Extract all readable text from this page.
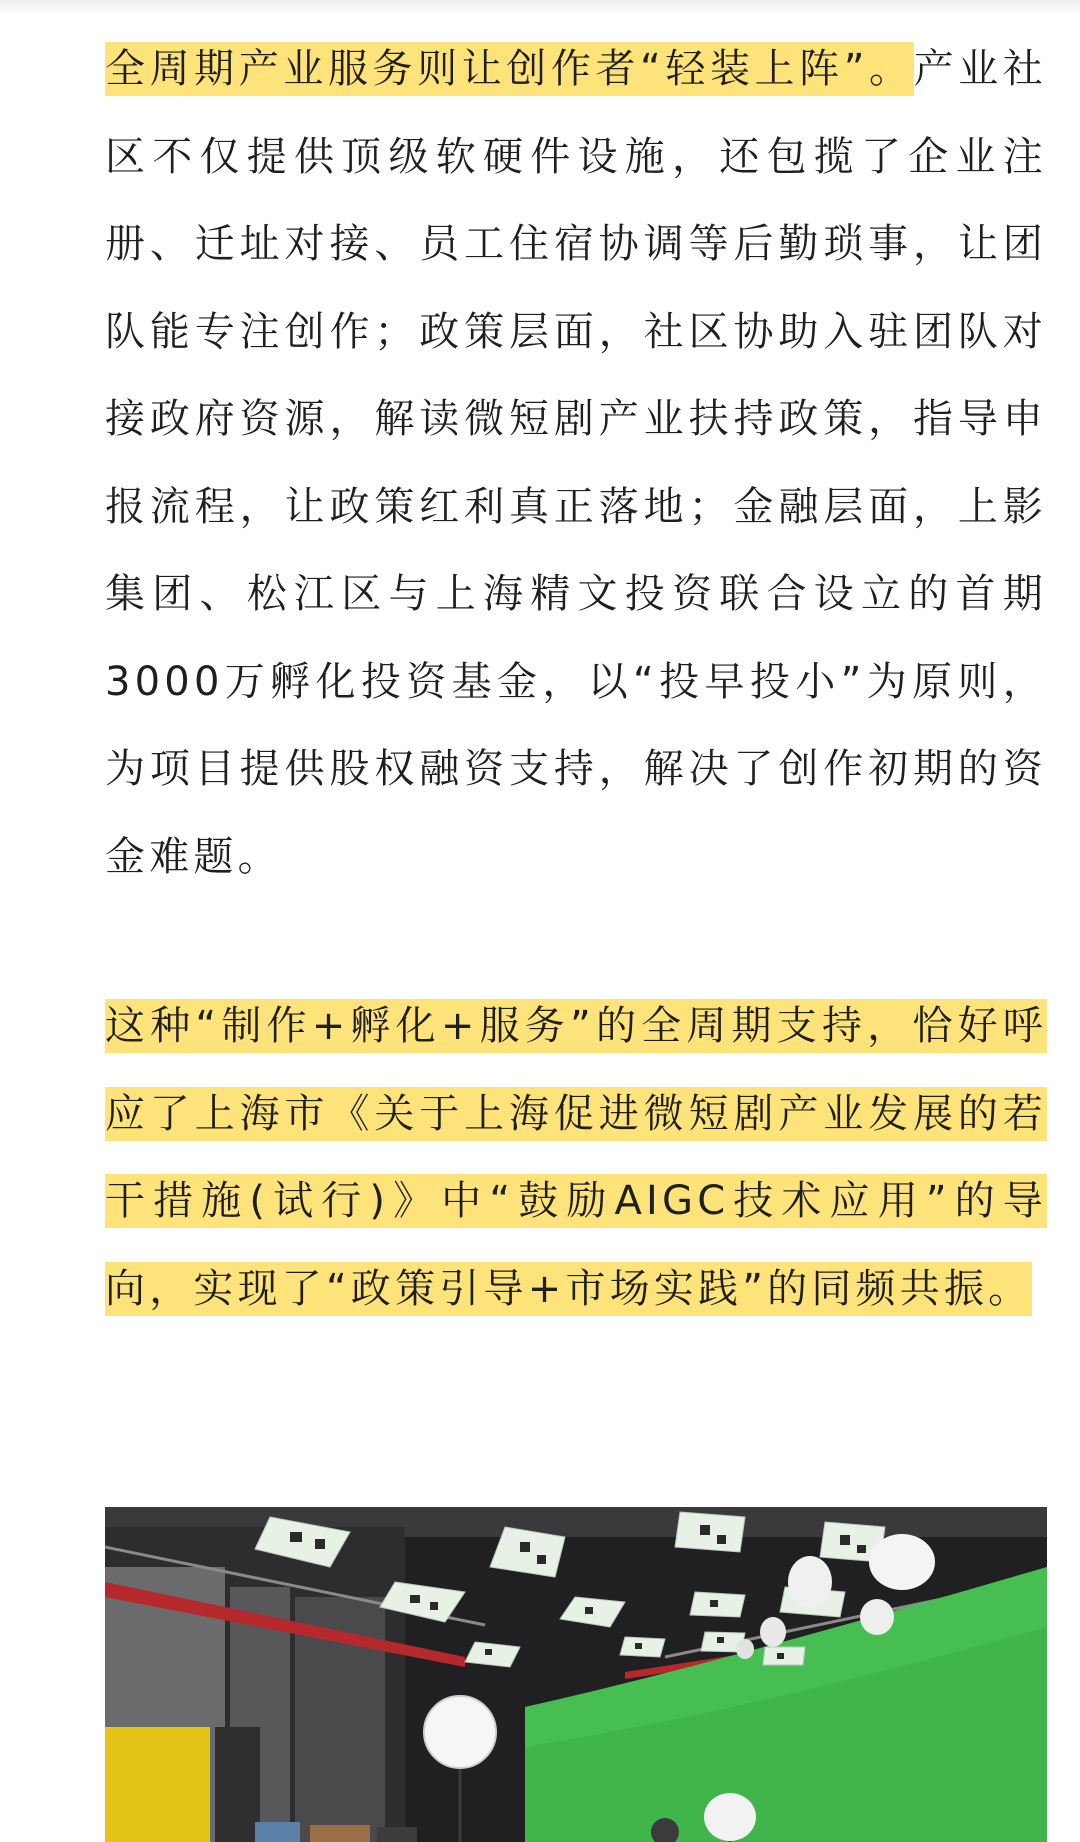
全周期产业服务则让创作者“轻装上阵”。产业社区不仅提供顶级软硬件设施，还包揽了企业注册、迁址对接、员工住宿协调等后勤琐事，让团队能专注创作；政策层面，社区协助入驻团队对接政府资源，解读微短剧产业扶持政策，指导申报流程，让政策红利真正落地；金融层面，上影集团、松江区与上海精文投资联合设立的首期3000万孵化投资基金，以“投早投小”为原则，为项目提供股权融资支持，解决了创作初期的资金难题。

这种“制作+孵化+服务”的全周期支持，恰好呼应了上海市《关于上海促进微短剧产业发展的若干措施(试行)》中“鼓励AIGC技术应用”的导向，实现了“政策引导+市场实践”的同频共振。
